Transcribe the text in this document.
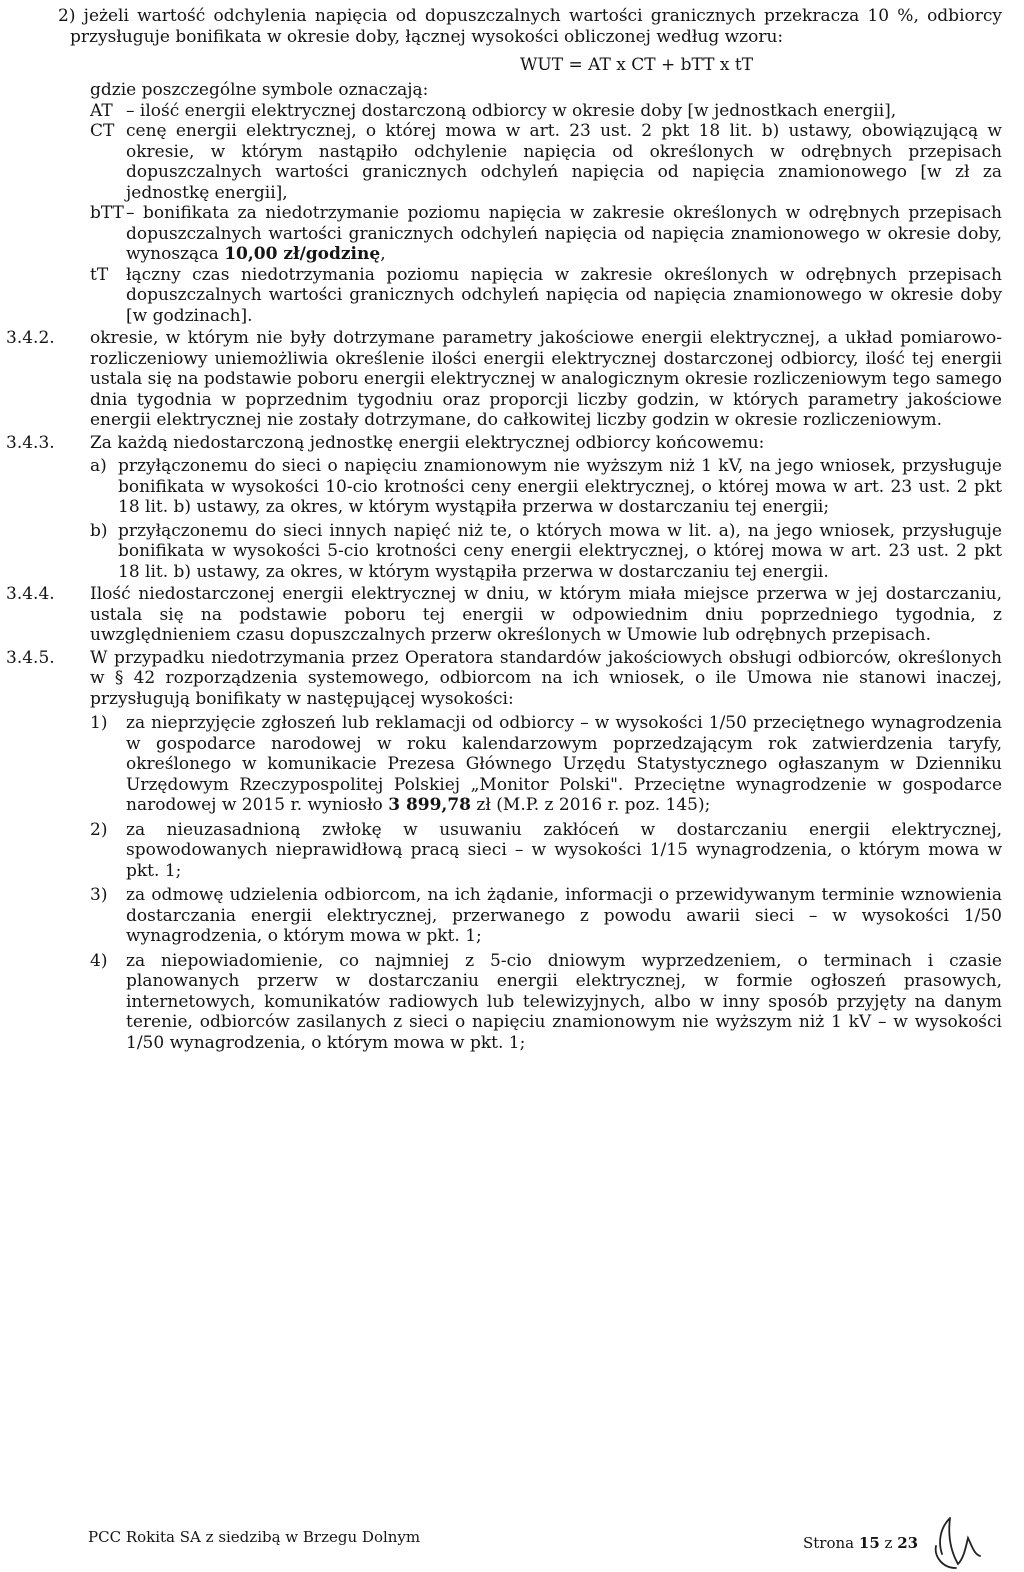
2) jeżeli wartość odchylenia napięcia od dopuszczalnych wartości granicznych przekracza 10 %, odbiorcy przysługuje bonifikata w okresie doby, łącznej wysokości obliczonej według wzoru:

WUT = AT x CT + bTT x tT

gdzie poszczególne symbole oznaczają:

AT – ilość energii elektrycznej dostarczoną odbiorcy w okresie doby [w jednostkach energii],
CT cenę energii elektrycznej, o której mowa w art. 23 ust. 2 pkt 18 lit. b) ustawy, obowiązującą w okresie, w którym nastąpiło odchylenie napięcia od określonych w odrębnych przepisach dopuszczalnych wartości granicznych odchyleń napięcia od napięcia znamionowego [w zł za jednostkę energii],
bTT – bonifikata za niedotrzymanie poziomu napięcia w zakresie określonych w odrębnych przepisach dopuszczalnych wartości granicznych odchyleń napięcia od napięcia znamionowego w okresie doby, wynosząca 10,00 zł/godzinę,
tT	łączny czas niedotrzymania poziomu napięcia w zakresie określonych w odrębnych przepisach dopuszczalnych wartości granicznych odchyleń napięcia od napięcia znamionowego w okresie doby [w godzinach].
3.4.2.	okresie, w którym nie były dotrzymane parametry jakościowe energii elektrycznej, a układ pomiarowo-rozliczeniowy uniemożliwia określenie ilości energii elektrycznej dostarczonej odbiorcy, ilość tej energii ustala się na podstawie poboru energii elektrycznej w analogicznym okresie rozliczeniowym tego samego dnia tygodnia w poprzednim tygodniu oraz proporcji liczby godzin, w których parametry jakościowe energii elektrycznej nie zostały dotrzymane, do całkowitej liczby godzin w okresie rozliczeniowym.
3.4.3.	Za każdą niedostarczoną jednostkę energii elektrycznej odbiorcy końcowemu:
a) przyłączonemu do sieci o napięciu znamionowym nie wyższym niż 1 kV, na jego wniosek, przysługuje bonifikata w wysokości 10-cio krotności ceny energii elektrycznej, o której mowa w art. 23 ust. 2 pkt 18 lit. b) ustawy, za okres, w którym wystąpiła przerwa w dostarczaniu tej energii;
b) przyłączonemu do sieci innych napięć niż te, o których mowa w lit. a), na jego wniosek, przysługuje bonifikata w wysokości 5-cio krotności ceny energii elektrycznej, o której mowa w art. 23 ust. 2 pkt 18 lit. b) ustawy, za okres, w którym wystąpiła przerwa w dostarczaniu tej energii.
3.4.4.	Ilość niedostarczonej energii elektrycznej w dniu, w którym miała miejsce przerwa w jej dostarczaniu, ustala się na podstawie poboru tej energii w odpowiednim dniu poprzedniego tygodnia, z uwzględnieniem czasu dopuszczalnych przerw określonych w Umowie lub odrębnych przepisach.
3.4.5.	W przypadku niedotrzymania przez Operatora standardów jakościowych obsługi odbiorców, określonych w § 42 rozporządzenia systemowego, odbiorcom na ich wniosek, o ile Umowa nie stanowi inaczej, przysługują bonifikaty w następującej wysokości:
1)	za nieprzyjęcie zgłoszeń lub reklamacji od odbiorcy – w wysokości 1/50 przeciętnego wynagrodzenia w gospodarce narodowej w roku kalendarzowym poprzedzającym rok zatwierdzenia taryfy, określonego w komunikacie Prezesa Głównego Urzędu Statystycznego ogłaszanym w Dzienniku Urzędowym Rzeczypospolitej Polskiej „Monitor Polski". Przeciętne wynagrodzenie w gospodarce narodowej w 2015 r. wyniosło 3 899,78 zł (M.P. z 2016 r. poz. 145);
2)	za nieuzasadnioną zwłokę w usuwaniu zakłóceń w dostarczaniu energii elektrycznej, spowodowanych nieprawidłową pracą sieci – w wysokości 1/15 wynagrodzenia, o którym mowa w pkt. 1;
3)	za odmowę udzielenia odbiorcom, na ich żądanie, informacji o przewidywanym terminie wznowienia dostarczania energii elektrycznej, przerwanego z powodu awarii sieci – w wysokości 1/50 wynagrodzenia, o którym mowa w pkt. 1;
4)	za niepowiadomienie, co najmniej z 5-cio dniowym wyprzedzeniem, o terminach i czasie planowanych przerw w dostarczaniu energii elektrycznej, w formie ogłoszeń prasowych, internetowych, komunikatów radiowych lub telewizyjnych, albo w inny sposób przyjęty na danym terenie, odbiorców zasilanych z sieci o napięciu znamionowym nie wyższym niż 1 kV – w wysokości 1/50 wynagrodzenia, o którym mowa w pkt. 1;
PCC Rokita SA z siedzibą w Brzegu Dolnym	Strona 15 z 23
